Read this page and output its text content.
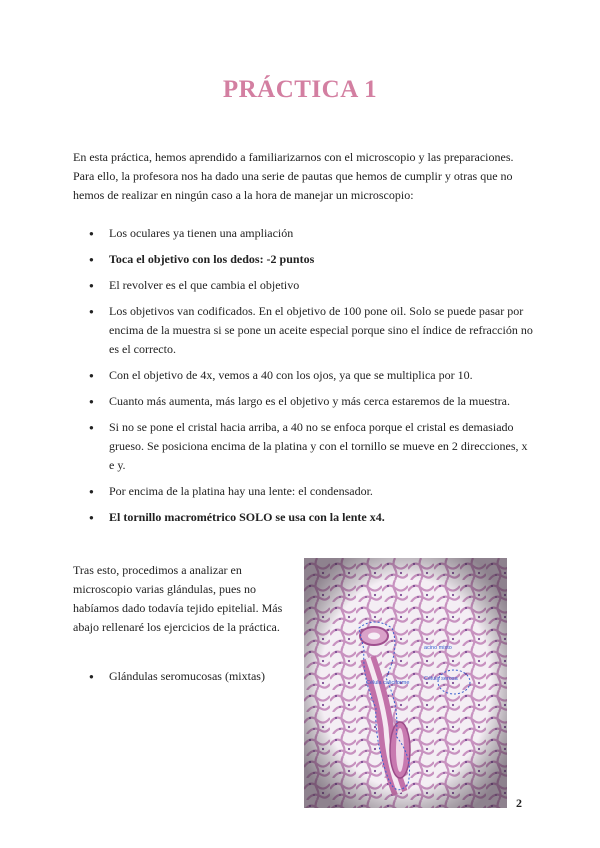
PRÁCTICA 1

En esta práctica, hemos aprendido a familiarizarnos con el microscopio y las preparaciones. Para ello, la profesora nos ha dado una serie de pautas que hemos de cumplir y otras que no hemos de realizar en ningún caso a la hora de manejar un microscopio:

● Los oculares ya tienen una ampliación
● Toca el objetivo con los dedos: -2 puntos
● El revolver es el que cambia el objetivo
● Los objetivos van codificados. En el objetivo de 100 pone oil. Solo se puede pasar por encima de la muestra si se pone un aceite especial porque sino el índice de refracción no es el correcto.
● Con el objetivo de 4x, vemos a 40 con los ojos, ya que se multiplica por 10.
● Cuanto más aumenta, más largo es el objetivo y más cerca estaremos de la muestra.
● Si no se pone el cristal hacia arriba, a 40 no se enfoca porque el cristal es demasiado grueso. Se posiciona encima de la platina y con el tornillo se mueve en 2 direcciones, x e y.
● Por encima de la platina hay una lente: el condensador.
● El tornillo macrométrico SOLO se usa con la lente x4.

Tras esto, procedimos a analizar en microscopio varias glándulas, pues no habíamos dado todavía tejido epitelial. Más abajo rellenaré los ejercicios de la práctica.

● Glándulas seromucosas (mixtas)
2
